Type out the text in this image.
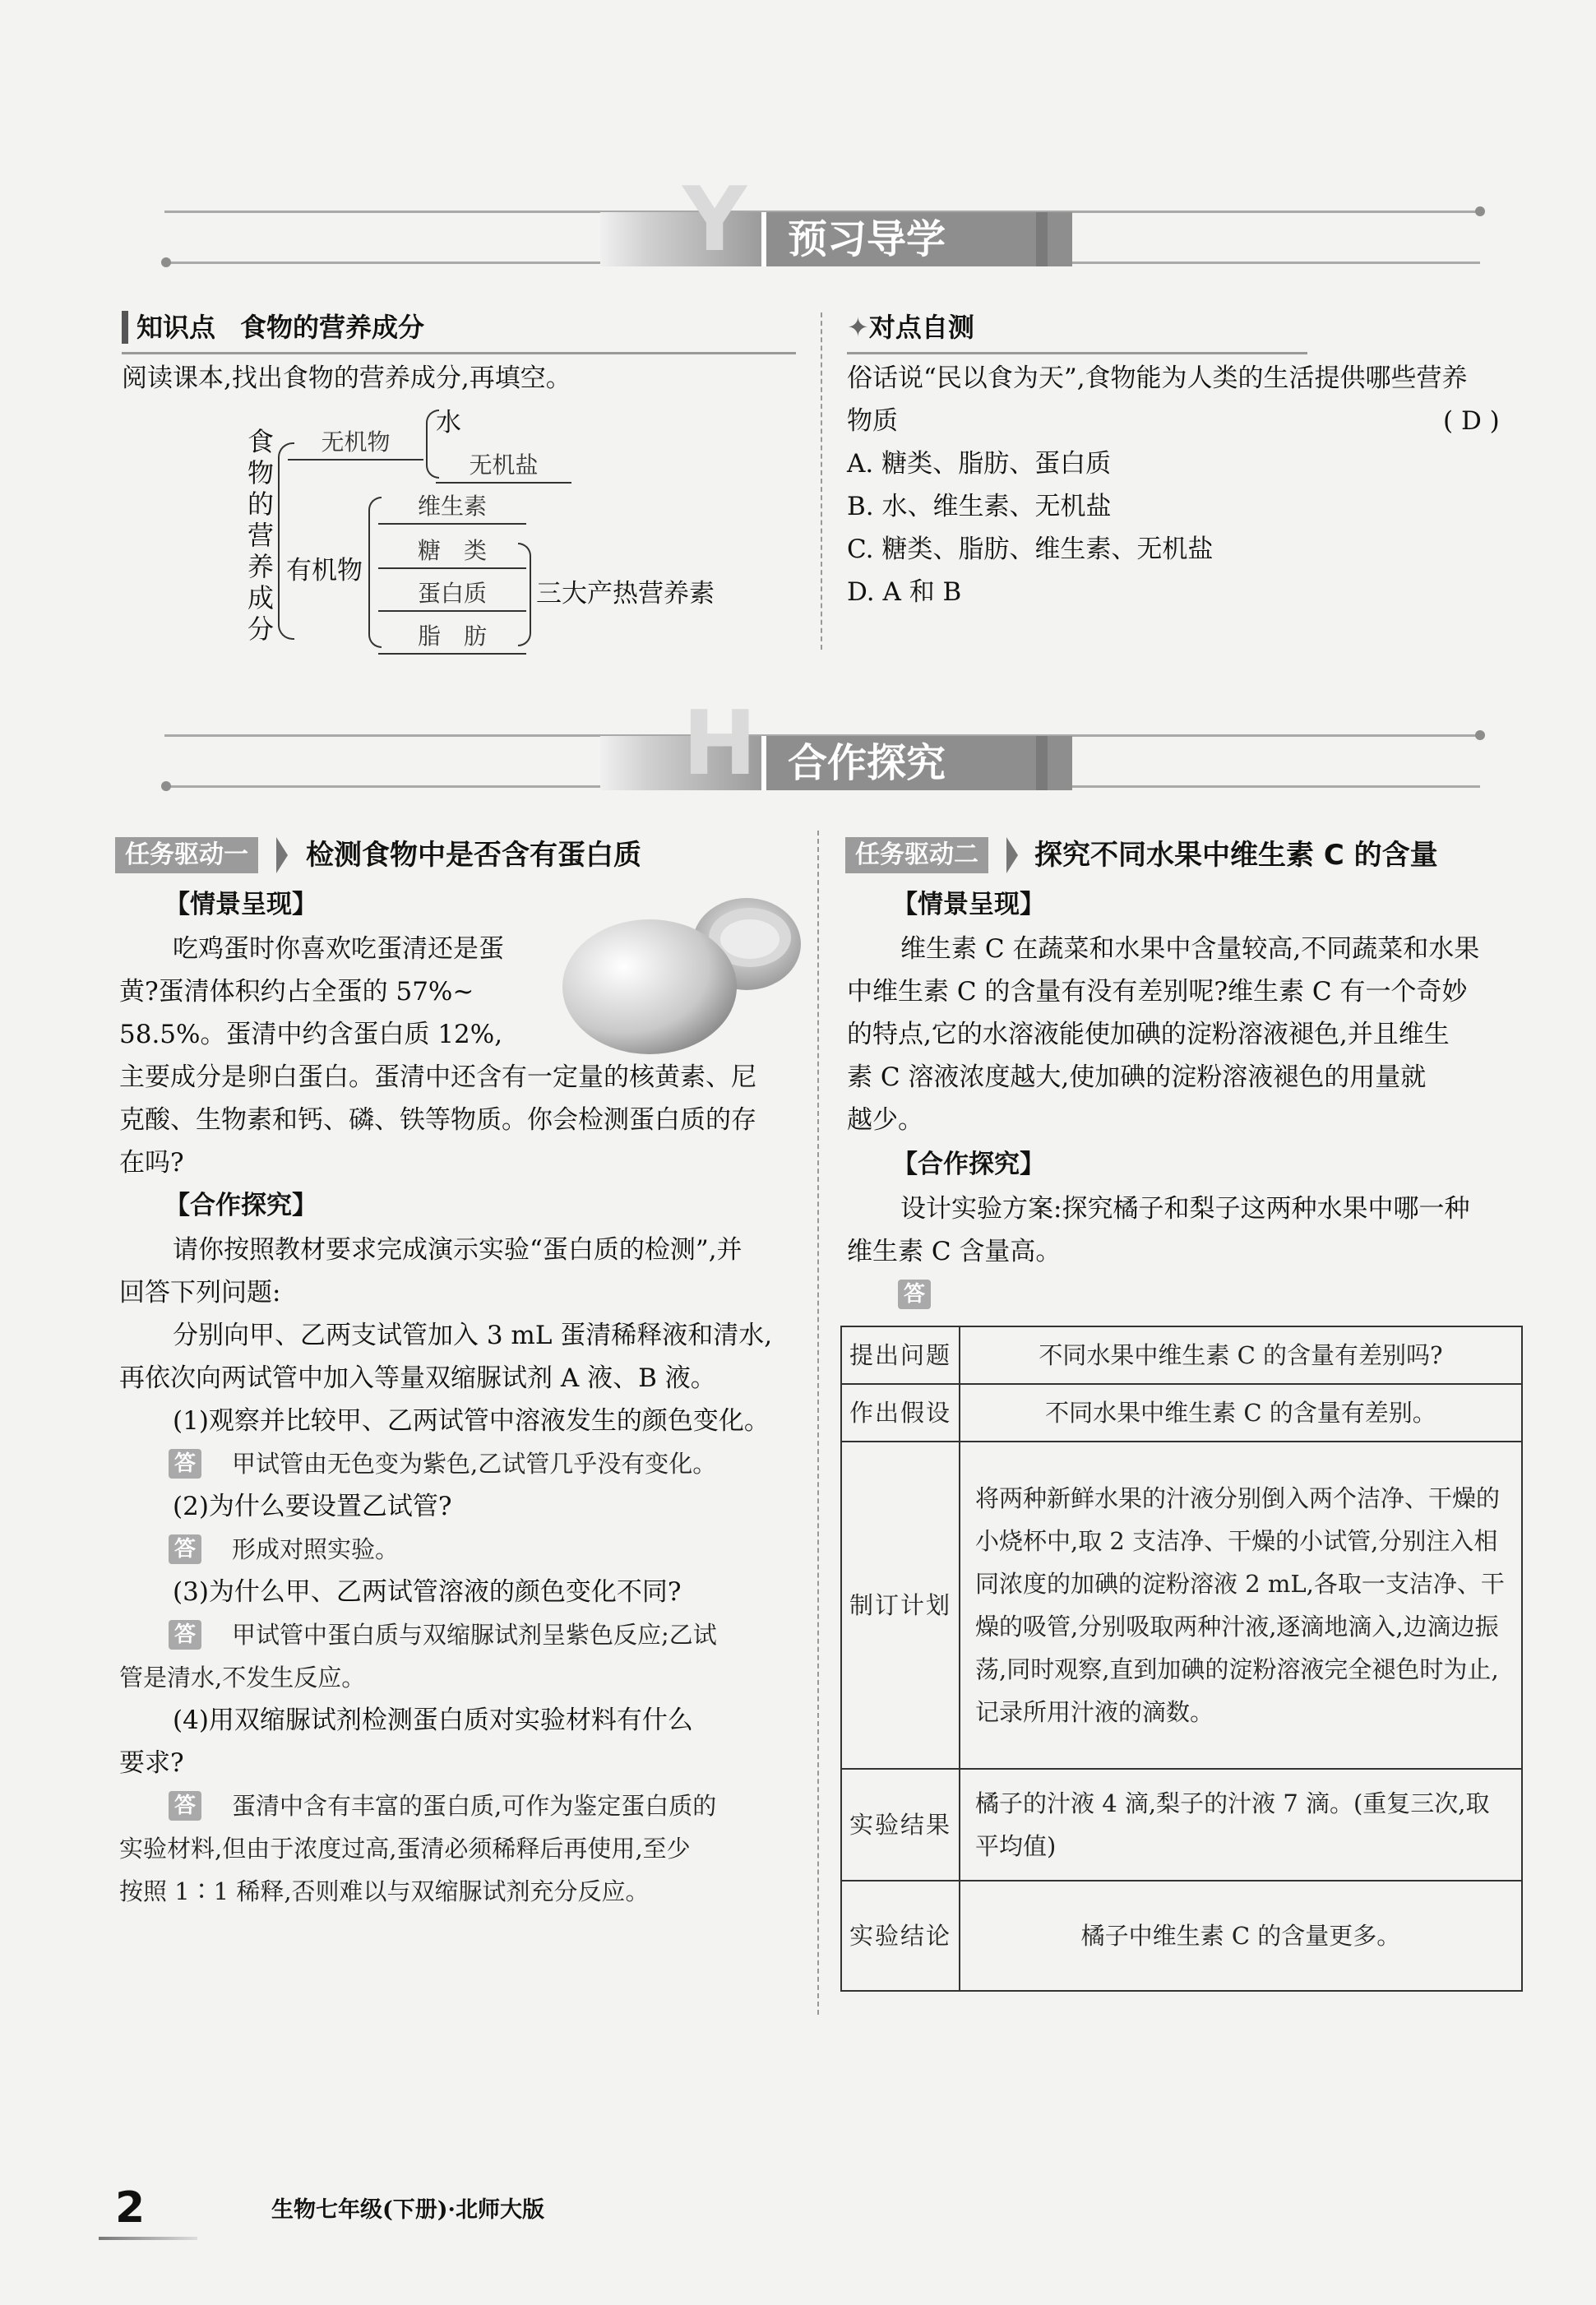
Y	预习导学
知识点 食物的营养成分
阅读课本,找出食物的营养成分,再填空。
食物的营养成分
无机物
水
无机盐
有机物
维生素
糖　类
蛋白质
脂　肪
三大产热营养素
✦对点自测
俗话说“民以食为天”,食物能为人类的生活提供哪些营养
物质	( D )
A. 糖类、脂肪、蛋白质
B. 水、维生素、无机盐
C. 糖类、脂肪、维生素、无机盐
D. A 和 B
H 合作探究
任务驱动一	检测食物中是否含有蛋白质
【情景呈现】
吃鸡蛋时你喜欢吃蛋清还是蛋
黄?蛋清体积约占全蛋的 57%~
58.5%。蛋清中约含蛋白质 12%,
主要成分是卵白蛋白。蛋清中还含有一定量的核黄素、尼
克酸、生物素和钙、磷、铁等物质。你会检测蛋白质的存
在吗?
【合作探究】
请你按照教材要求完成演示实验“蛋白质的检测”,并
回答下列问题:
分别向甲、乙两支试管加入 3 mL 蛋清稀释液和清水,
再依次向两试管中加入等量双缩脲试剂 A 液、B 液。
(1)观察并比较甲、乙两试管中溶液发生的颜色变化。
答 甲试管由无色变为紫色,乙试管几乎没有变化。
(2)为什么要设置乙试管?
答 形成对照实验。
(3)为什么甲、乙两试管溶液的颜色变化不同?
答 甲试管中蛋白质与双缩脲试剂呈紫色反应;乙试
管是清水,不发生反应。
(4)用双缩脲试剂检测蛋白质对实验材料有什么
要求?
答 蛋清中含有丰富的蛋白质,可作为鉴定蛋白质的
实验材料,但由于浓度过高,蛋清必须稀释后再使用,至少
按照 1∶1 稀释,否则难以与双缩脲试剂充分反应。
任务驱动二	探究不同水果中维生素 C 的含量
【情景呈现】
维生素 C 在蔬菜和水果中含量较高,不同蔬菜和水果
中维生素 C 的含量有没有差别呢?维生素 C 有一个奇妙
的特点,它的水溶液能使加碘的淀粉溶液褪色,并且维生
素 C 溶液浓度越大,使加碘的淀粉溶液褪色的用量就
越少。
【合作探究】
设计实验方案:探究橘子和梨子这两种水果中哪一种
维生素 C 含量高。
答
提出问题	不同水果中维生素 C 的含量有差别吗?
作出假设	不同水果中维生素 C 的含量有差别。
制订计划	将两种新鲜水果的汁液分别倒入两个洁净、干燥的小烧杯中,取 2 支洁净、干燥的小试管,分别注入相同浓度的加碘的淀粉溶液 2 mL,各取一支洁净、干燥的吸管,分别吸取两种汁液,逐滴地滴入,边滴边振荡,同时观察,直到加碘的淀粉溶液完全褪色时为止,记录所用汁液的滴数。
实验结果	橘子的汁液 4 滴,梨子的汁液 7 滴。(重复三次,取平均值)
实验结论	橘子中维生素 C 的含量更多。
2	生物七年级(下册)·北师大版
